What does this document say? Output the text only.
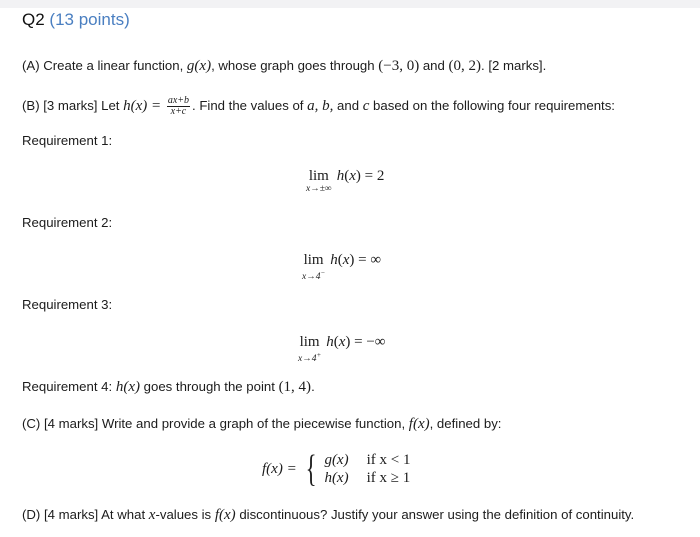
Q2 (13 points)
(A) Create a linear function, g(x), whose graph goes through (−3, 0) and (0, 2). [2 marks].
(B) [3 marks] Let $h(x) = \frac{ax+b}{x+c}$ . Find the values of a, b, and c based on the following four requirements:
Requirement 1:
lim
x→±∞
h(x) = 2
Requirement 2:
lim
x→4−
h(x) = ∞
Requirement 3:
lim
x→4+
h(x) = −∞
Requirement 4: h(x) goes through the point (1, 4).
(C) [4 marks] Write and provide a graph of the piecewise function, f(x), defined by:
f(x) = { g(x)	if x < 1
h(x)	if x ≥ 1
(D) [4 marks] At what x-values is f(x) discontinuous? Justify your answer using the definition of continuity.
